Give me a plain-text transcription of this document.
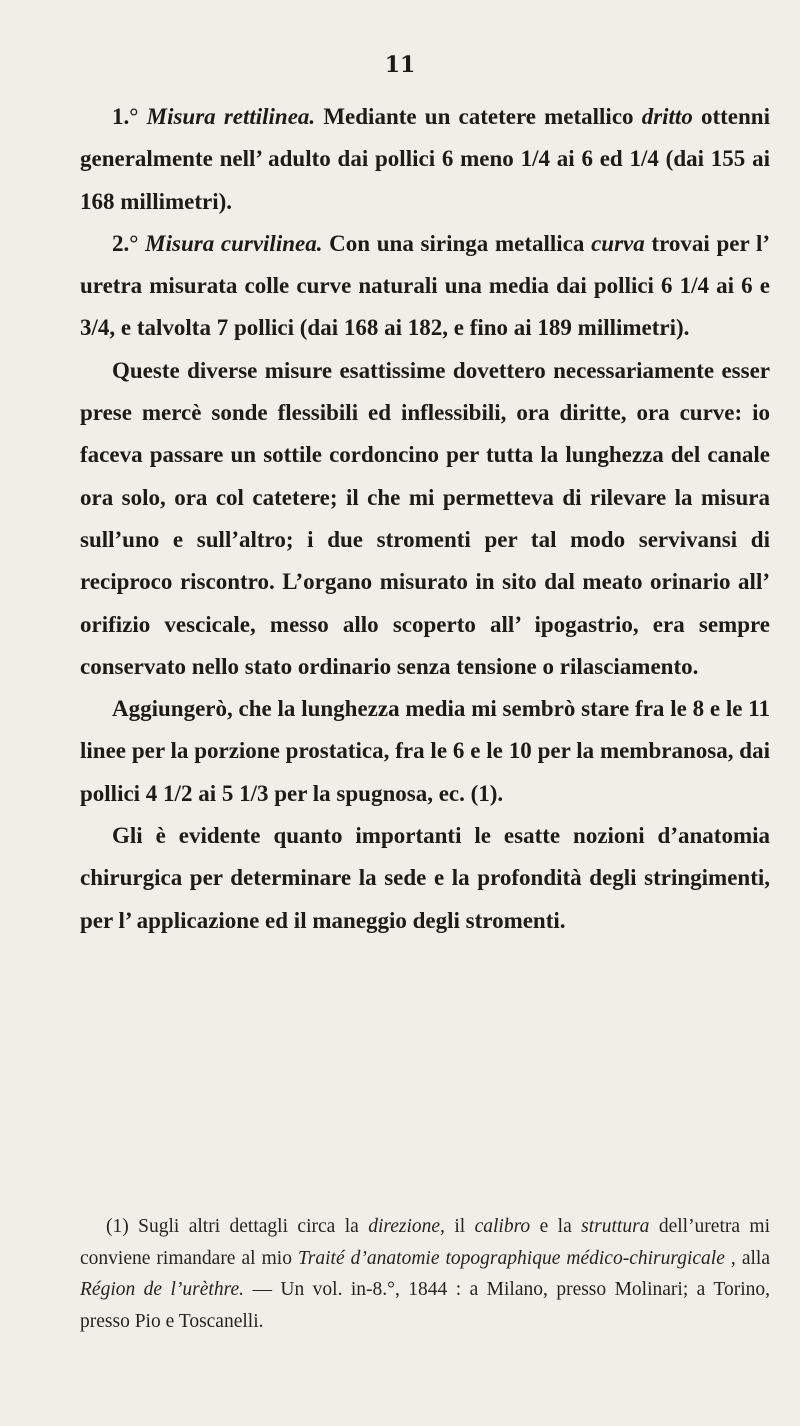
11

1.° Misura rettilinea. Mediante un catetere metallico dritto ottenni generalmente nell’ adulto dai pollici 6 meno 1/4 ai 6 ed 1/4 (dai 155 ai 168 millimetri).

2.° Misura curvilinea. Con una siringa metallica curva trovai per l’ uretra misurata colle curve naturali una media dai pollici 6 1/4 ai 6 e 3/4, e talvolta 7 pollici (dai 168 ai 182, e fino ai 189 millimetri).

Queste diverse misure esattissime dovettero necessariamente esser prese mercè sonde flessibili ed inflessibili, ora diritte, ora curve: io faceva passare un sottile cordoncino per tutta la lunghezza del canale ora solo, ora col catetere; il che mi permetteva di rilevare la misura sull’uno e sull’altro; i due stromenti per tal modo servivansi di reciproco riscontro. L’organo misurato in sito dal meato orinario all’ orifizio vescicale, messo allo scoperto all’ ipogastrio, era sempre conservato nello stato ordinario senza tensione o rilasciamento.

Aggiungerò, che la lunghezza media mi sembrò stare fra le 8 e le 11 linee per la porzione prostatica, fra le 6 e le 10 per la membranosa, dai pollici 4 1/2 ai 5 1/3 per la spugnosa, ec. (1).

Gli è evidente quanto importanti le esatte nozioni d’anatomia chirurgica per determinare la sede e la profondità degli stringimenti, per l’ applicazione ed il maneggio degli stromenti.

(1) Sugli altri dettagli circa la direzione, il calibro e la struttura dell’uretra mi conviene rimandare al mio Traité d’anatomie topographique médico-chirurgicale , alla Région de l’urèthre. — Un vol. in-8.°, 1844 : a Milano, presso Molinari; a Torino, presso Pio e Toscanelli.
